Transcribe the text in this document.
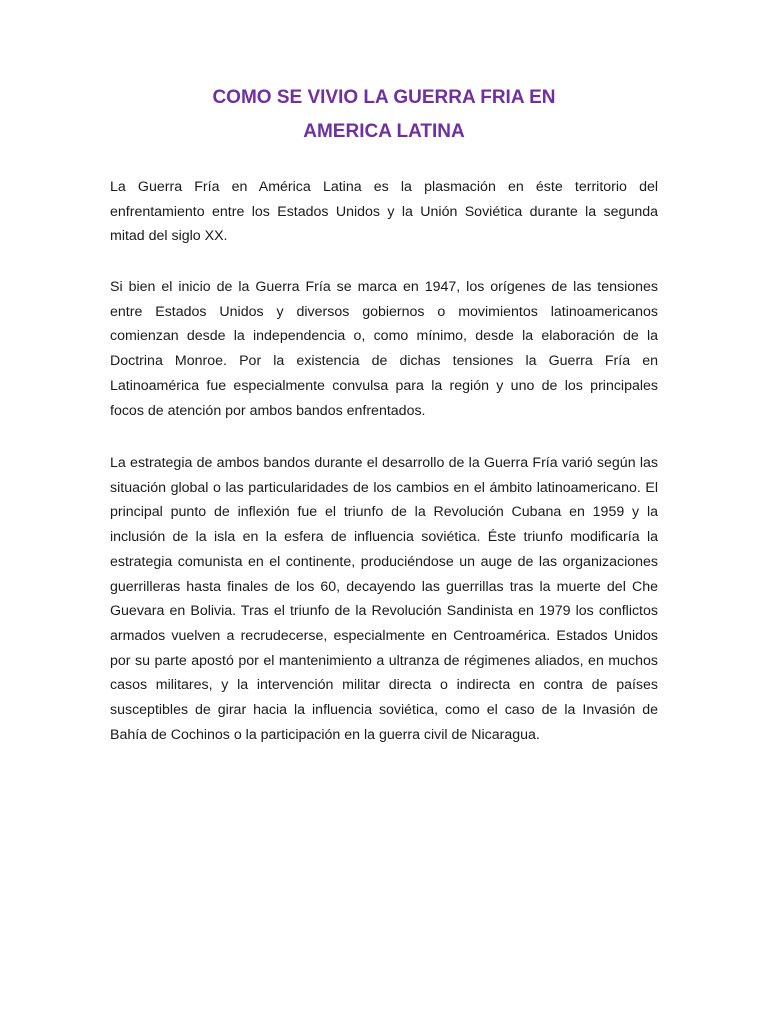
COMO SE VIVIO LA GUERRA FRIA EN
AMERICA LATINA

La Guerra Fría en América Latina es la plasmación en éste territorio del enfrentamiento entre los Estados Unidos y la Unión Soviética durante la segunda mitad del siglo XX.

Si bien el inicio de la Guerra Fría se marca en 1947, los orígenes de las tensiones entre Estados Unidos y diversos gobiernos o movimientos latinoamericanos comienzan desde la independencia o, como mínimo, desde la elaboración de la Doctrina Monroe. Por la existencia de dichas tensiones la Guerra Fría en Latinoamérica fue especialmente convulsa para la región y uno de los principales focos de atención por ambos bandos enfrentados.

La estrategia de ambos bandos durante el desarrollo de la Guerra Fría varió según las situación global o las particularidades de los cambios en el ámbito latinoamericano. El principal punto de inflexión fue el triunfo de la Revolución Cubana en 1959 y la inclusión de la isla en la esfera de influencia soviética. Éste triunfo modificaría la estrategia comunista en el continente, produciéndose un auge de las organizaciones guerrilleras hasta finales de los 60, decayendo las guerrillas tras la muerte del Che Guevara en Bolivia. Tras el triunfo de la Revolución Sandinista en 1979 los conflictos armados vuelven a recrudecerse, especialmente en Centroamérica. Estados Unidos por su parte apostó por el mantenimiento a ultranza de régimenes aliados, en muchos casos militares, y la intervención militar directa o indirecta en contra de países susceptibles de girar hacia la influencia soviética, como el caso de la Invasión de Bahía de Cochinos o la participación en la guerra civil de Nicaragua.
